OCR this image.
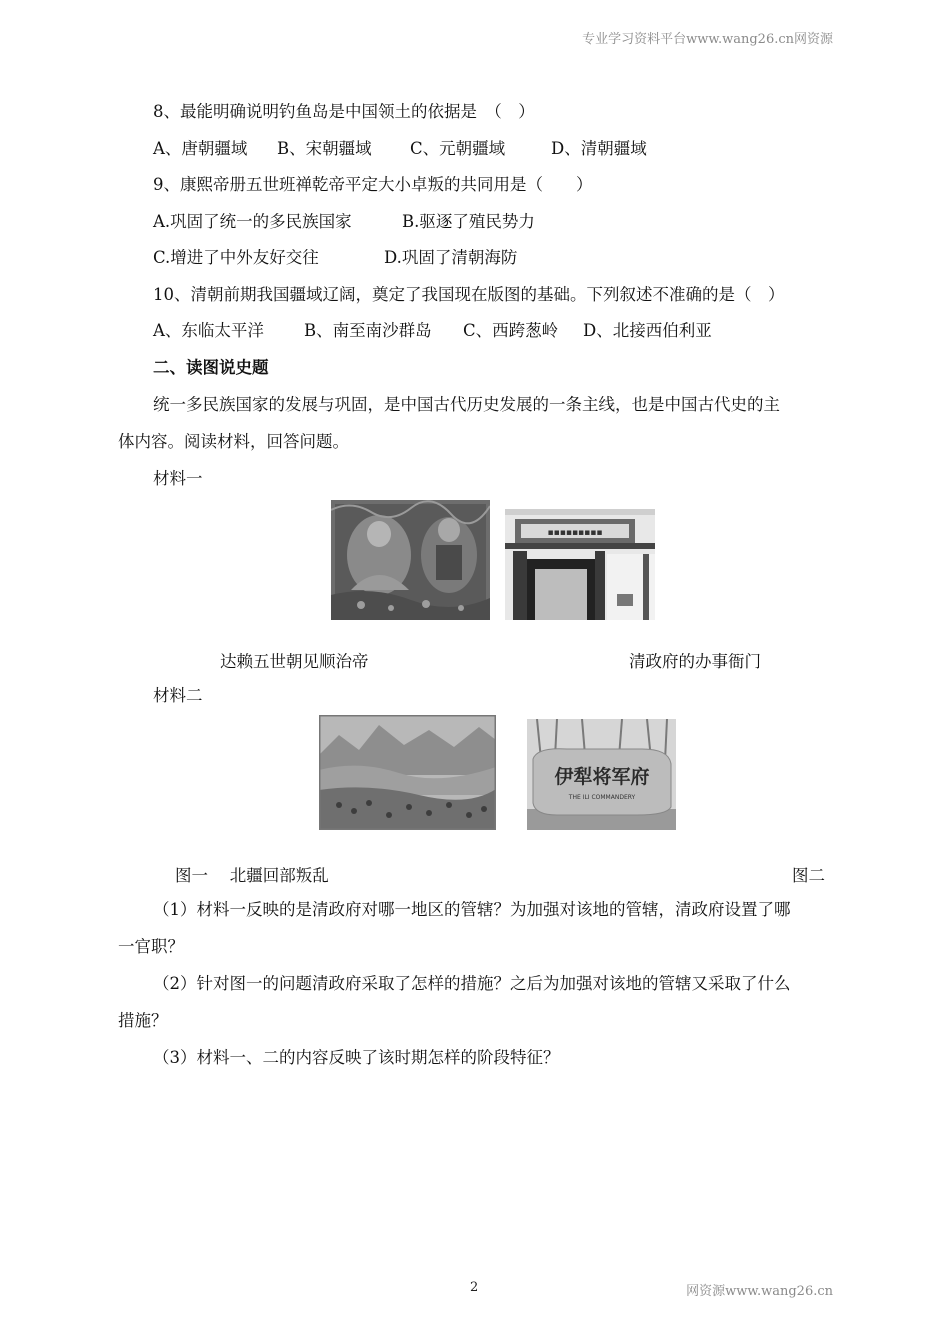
专业学习资料平台www.wang26.cn网资源
8、最能明确说明钓鱼岛是中国领土的依据是　（　）
A、唐朝疆域 B、宋朝疆域 C、元朝疆域	D、清朝疆域
9、康熙帝册五世班禅乾帝平定大小卓叛的共同用是（　　）
A.巩固了统一的多民族国家	B.驱逐了殖民势力
C.增进了中外友好交往	D.巩固了清朝海防
10、清朝前期我国疆域辽阔，奠定了我国现在版图的基础。下列叙述不准确的是（　）
A、东临太平洋 B、南至南沙群岛 C、西跨葱岭 D、北接西伯利亚
二、读图说史题
统一多民族国家的发展与巩固，是中国古代历史发展的一条主线，也是中国古代史的主
体内容。阅读材料，回答问题。
材料一
▪▪▪▪▪▪▪▪▪
达赖五世朝见顺治帝	清政府的办事衙门
材料二
伊犁将军府
THE ILI COMMANDERY
图一　 北疆回部叛乱	图二
（1）材料一反映的是清政府对哪一地区的管辖？为加强对该地的管辖，清政府设置了哪
一官职？
（2）针对图一的问题清政府采取了怎样的措施？之后为加强对该地的管辖又采取了什么
措施？
（3）材料一、二的内容反映了该时期怎样的阶段特征？
2	网资源www.wang26.cn
